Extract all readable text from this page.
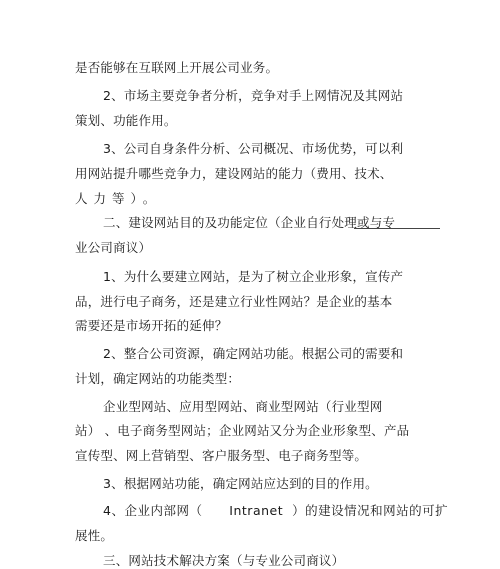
是否能够在互联网上开展公司业务。
2、市场主要竞争者分析，竞争对手上网情况及其网站
策划、功能作用。
3、公司自身条件分析、公司概况、市场优势，可以利
用网站提升哪些竞争力，建设网站的能力（费用、技术、
人力等）。
二、建设网站目的及功能定位（企业自行处理或与专
业公司商议）
1、为什么要建立网站，是为了树立企业形象，宣传产
品，进行电子商务，还是建立行业性网站？是企业的基本
需要还是市场开拓的延伸？
2、整合公司资源，确定网站功能。根据公司的需要和
计划，确定网站的功能类型：
企业型网站、应用型网站、商业型网站（行业型网
站） 、电子商务型网站；企业网站又分为企业形象型、产品
宣传型、网上营销型、客户服务型、电子商务型等。
3、根据网站功能，确定网站应达到的目的作用。
4、企业内部网（      Intranet  ）的建设情况和网站的可扩
展性。
三、网站技术解决方案（与专业公司商议）
